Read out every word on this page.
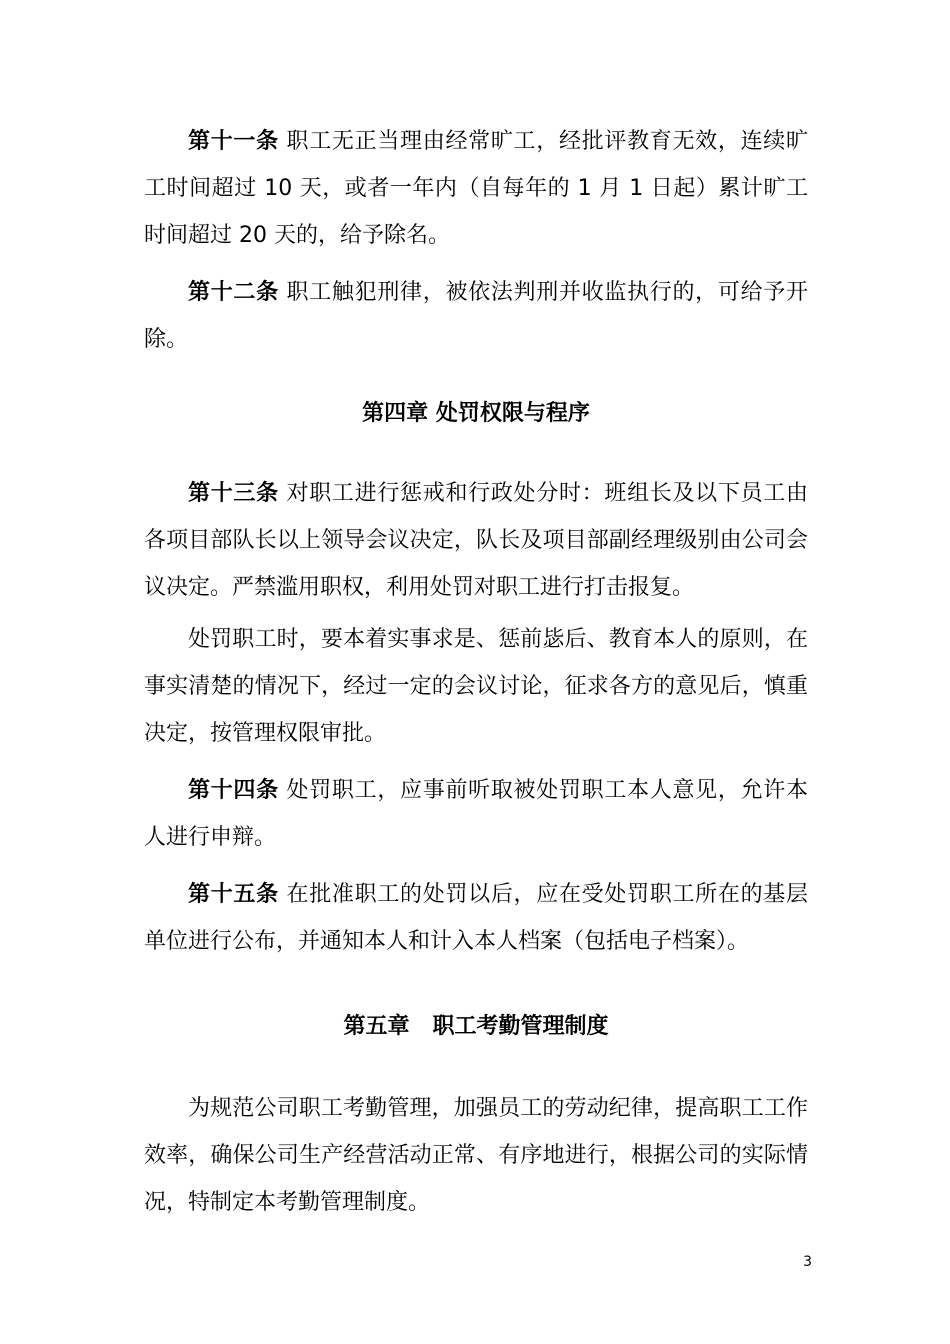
第十一条 职工无正当理由经常旷工，经批评教育无效，连续旷工时间超过 10 天，或者一年内（自每年的 1 月 1 日起）累计旷工时间超过 20 天的，给予除名。

第十二条 职工触犯刑律，被依法判刑并收监执行的，可给予开除。

第四章 处罚权限与程序

第十三条 对职工进行惩戒和行政处分时：班组长及以下员工由各项目部队长以上领导会议决定，队长及项目部副经理级别由公司会议决定。严禁滥用职权，利用处罚对职工进行打击报复。

处罚职工时，要本着实事求是、惩前毖后、教育本人的原则，在事实清楚的情况下，经过一定的会议讨论，征求各方的意见后，慎重决定，按管理权限审批。

第十四条 处罚职工，应事前听取被处罚职工本人意见，允许本人进行申辩。

第十五条 在批准职工的处罚以后，应在受处罚职工所在的基层单位进行公布，并通知本人和计入本人档案（包括电子档案）。

第五章   职工考勤管理制度

为规范公司职工考勤管理，加强员工的劳动纪律，提高职工工作效率，确保公司生产经营活动正常、有序地进行，根据公司的实际情况，特制定本考勤管理制度。

3
